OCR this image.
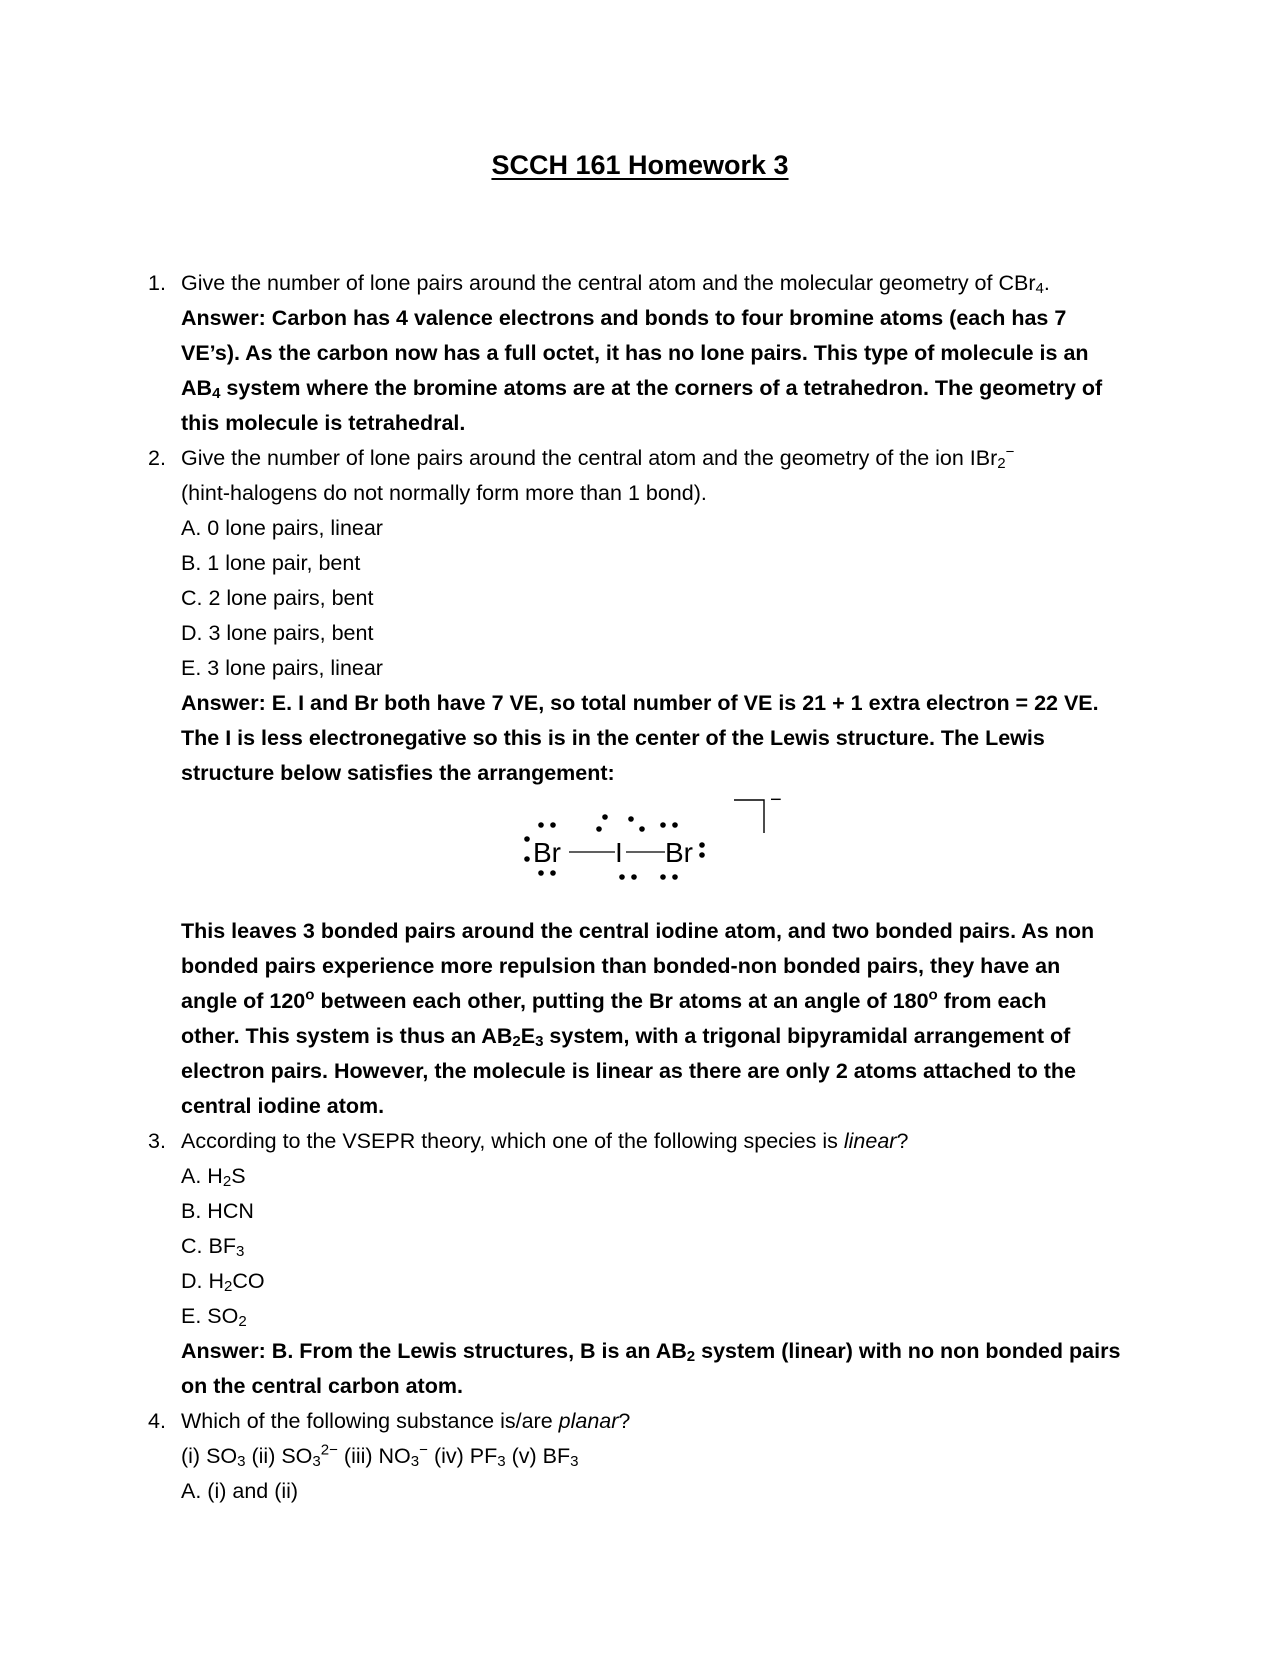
SCCH 161 Homework 3
1. Give the number of lone pairs around the central atom and the molecular geometry of CBr$_4$.
Answer: Carbon has 4 valence electrons and bonds to four bromine atoms (each has 7
VE’s). As the carbon now has a full octet, it has no lone pairs. This type of molecule is an
$AB_4$ system where the bromine atoms are at the corners of a tetrahedron. The geometry of
this molecule is tetrahedral.
2. Give the number of lone pairs around the central atom and the geometry of the ion IBr$_2$−
(hint-halogens do not normally form more than 1 bond).
A. 0 lone pairs, linear
B. 1 lone pair, bent
C. 2 lone pairs, bent
D. 3 lone pairs, bent
E. 3 lone pairs, linear
Answer: E. I and Br both have 7 VE, so total number of VE is 21 + 1 extra electron = 22 VE.
The I is less electronegative so this is in the center of the Lewis structure. The Lewis
structure below satisfies the arrangement:
Br I Br
−
This leaves 3 bonded pairs around the central iodine atom, and two bonded pairs. As non
bonded pairs experience more repulsion than bonded-non bonded pairs, they have an
angle of 120$^o$ between each other, putting the Br atoms at an angle of 180$^o$ from each
other. This system is thus an $AB_2E_3$ system, with a trigonal bipyramidal arrangement of
electron pairs. However, the molecule is linear as there are only 2 atoms attached to the
central iodine atom.
3. According to the VSEPR theory, which one of the following species is linear?
A. $H_2S$
B. HCN
C. $BF_3$
D. $H_2CO$
E. $SO_2$
Answer: B. From the Lewis structures, B is an $AB_2$ system (linear) with no non bonded pairs
on the central carbon atom.
4. Which of the following substance is/are planar?
(i) $SO_3$ (ii) $SO_3^{2-}$ (iii) $NO_3^-$ (iv) $PF_3$ (v) $BF_3$
A. (i) and (ii)
